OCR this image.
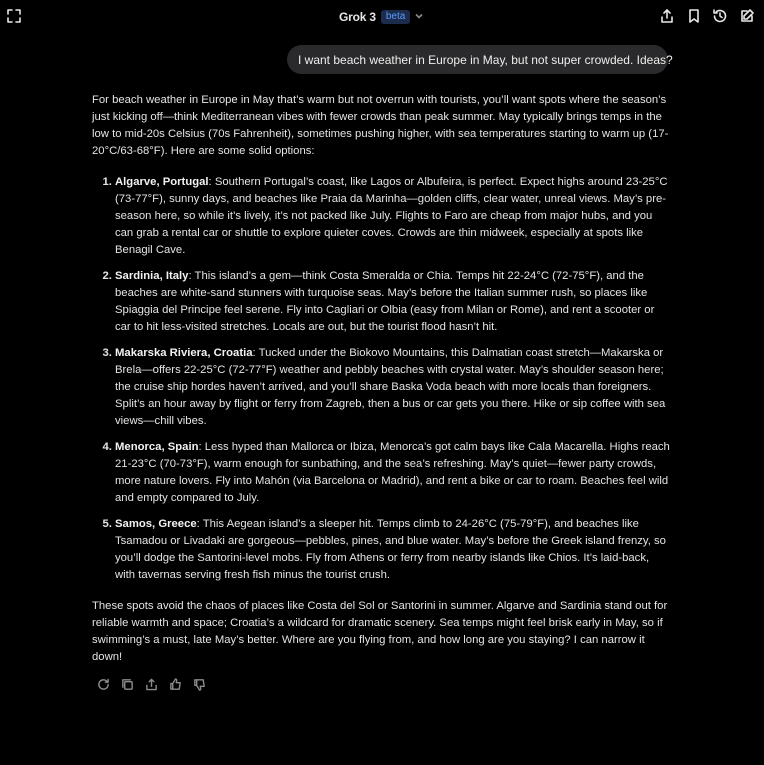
Grok 3	beta
I want beach weather in Europe in May, but not super crowded. Ideas?

For beach weather in Europe in May that’s warm but not overrun with tourists, you’ll want spots where the season’s just kicking off—think Mediterranean vibes with fewer crowds than peak summer. May typically brings temps in the low to mid-20s Celsius (70s Fahrenheit), sometimes pushing higher, with sea temperatures starting to warm up (17-20°C/63-68°F). Here are some solid options:

1. Algarve, Portugal: Southern Portugal’s coast, like Lagos or Albufeira, is perfect. Expect highs around 23-25°C (73-77°F), sunny days, and beaches like Praia da Marinha—golden cliffs, clear water, unreal views. May’s pre-season here, so while it’s lively, it’s not packed like July. Flights to Faro are cheap from major hubs, and you can grab a rental car or shuttle to explore quieter coves. Crowds are thin midweek, especially at spots like Benagil Cave.
2. Sardinia, Italy: This island’s a gem—think Costa Smeralda or Chia. Temps hit 22-24°C (72-75°F), and the beaches are white-sand stunners with turquoise seas. May’s before the Italian summer rush, so places like Spiaggia del Principe feel serene. Fly into Cagliari or Olbia (easy from Milan or Rome), and rent a scooter or car to hit less-visited stretches. Locals are out, but the tourist flood hasn’t hit.
3. Makarska Riviera, Croatia: Tucked under the Biokovo Mountains, this Dalmatian coast stretch—Makarska or Brela—offers 22-25°C (72-77°F) weather and pebbly beaches with crystal water. May’s shoulder season here; the cruise ship hordes haven’t arrived, and you’ll share Baska Voda beach with more locals than foreigners. Split’s an hour away by flight or ferry from Zagreb, then a bus or car gets you there. Hike or sip coffee with sea views—chill vibes.
4. Menorca, Spain: Less hyped than Mallorca or Ibiza, Menorca’s got calm bays like Cala Macarella. Highs reach 21-23°C (70-73°F), warm enough for sunbathing, and the sea’s refreshing. May’s quiet—fewer party crowds, more nature lovers. Fly into Mahón (via Barcelona or Madrid), and rent a bike or car to roam. Beaches feel wild and empty compared to July.
5. Samos, Greece: This Aegean island’s a sleeper hit. Temps climb to 24-26°C (75-79°F), and beaches like Tsamadou or Livadaki are gorgeous—pebbles, pines, and blue water. May’s before the Greek island frenzy, so you’ll dodge the Santorini-level mobs. Fly from Athens or ferry from nearby islands like Chios. It’s laid-back, with tavernas serving fresh fish minus the tourist crush.

These spots avoid the chaos of places like Costa del Sol or Santorini in summer. Algarve and Sardinia stand out for reliable warmth and space; Croatia’s a wildcard for dramatic scenery. Sea temps might feel brisk early in May, so if swimming’s a must, late May’s better. Where are you flying from, and how long are you staying? I can narrow it down!
